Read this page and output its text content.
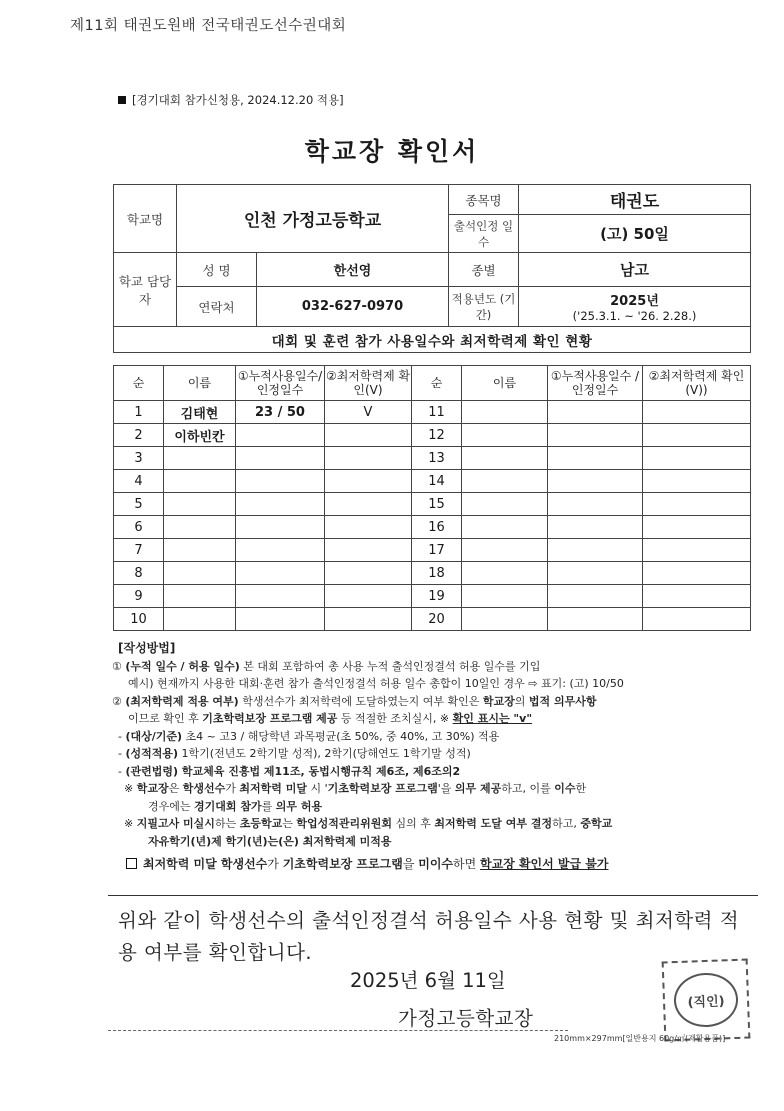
제11회 태권도원배 전국태권도선수권대회
[경기대회 참가신청용, 2024.12.20 적용]
학교장 확인서
학교명	인천 가정고등학교		종목명	태권도
			출석인정 일수	(고) 50일
학교 담당자	성 명	한선영	종별	남고
	연락처	032-627-0970	적용년도 (기간)	2025년
('25.3.1. ~ '26. 2.28.)

대회 및 훈련 참가 사용일수와 최저학력제 확인 현황				
순	이름	①누적사용일수/ 인정일수	②최저학력제 확인(V)	순	이름	①누적사용일수 /인정일수	②최저학력제 확인(V))
1	김태현	23 / 50	V	11			
2	이하빈칸			12			
3				13			
4				14			
5				15			
6				16			
7				17			
8				18			
9				19			
10				20			

[작성방법]

① (누적 일수 / 허용 일수) 본 대회 포함하여 총 사용 누적 출석인정결석 허용 일수를 기입

예시) 현재까지 사용한 대회·훈련 참가 출석인정결석 허용 일수 총합이 10일인 경우 ⇨ 표기: (고) 10/50

② (최저학력제 적용 여부) 학생선수가 최저학력에 도달하였는지 여부 확인은 학교장의 법적 의무사항

이므로 확인 후 기초학력보장 프로그램 제공 등 적절한 조치실시, ※ 확인 표시는 "v"

- (대상/기준) 초4 ~ 고3 / 해당학년 과목평균(초 50%, 중 40%, 고 30%) 적용

- (성적적용) 1학기(전년도 2학기말 성적), 2학기(당해연도 1학기말 성적)

- (관련법령) 학교체육 진흥법 제11조, 동법시행규칙 제6조, 제6조의2

※ 학교장은 학생선수가 최저학력 미달 시 '기초학력보장 프로그램'을 의무 제공하고, 이를 이수한

경우에는 경기대회 참가를 의무 허용

※ 지필고사 미실시하는 초등학교는 학업성적관리위원회 심의 후 최저학력 도달 여부 결정하고, 중학교

자유학기(년)제 학기(년)는(은) 최저학력제 미적용

최저학력 미달 학생선수가 기초학력보장 프로그램을 미이수하면 학교장 확인서 발급 불가

위와 같이 학생선수의 출석인정결석 허용일수 사용 현황 및 최저학력 적용 여부를 확인합니다.
2025년 6월 11일
가정고등학교장
(직인)
210mm×297mm[일반용지 60g/㎡(재활용품)]
